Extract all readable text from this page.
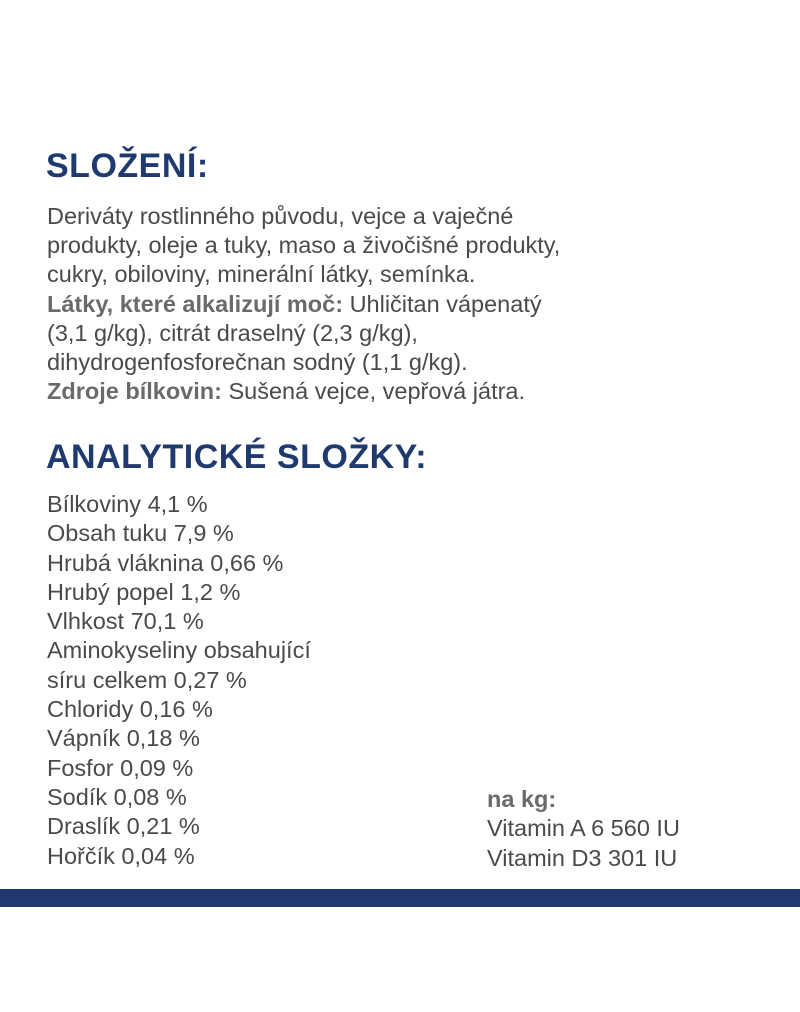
SLOŽENÍ:
Deriváty rostlinného původu, vejce a vaječné
produkty, oleje a tuky, maso a živočišné produkty,
cukry, obiloviny, minerální látky, semínka.
Látky, které alkalizují moč: Uhličitan vápenatý
(3,1 g/kg), citrát draselný (2,3 g/kg),
dihydrogenfosforečnan sodný (1,1 g/kg).
Zdroje bílkovin: Sušená vejce, vepřová játra.
ANALYTICKÉ SLOŽKY:
Bílkoviny 4,1 %
Obsah tuku 7,9 %
Hrubá vláknina 0,66 %
Hrubý popel 1,2 %
Vlhkost 70,1 %
Aminokyseliny obsahující
síru celkem 0,27 %
Chloridy 0,16 %
Vápník 0,18 %
Fosfor 0,09 %
Sodík 0,08 %
Draslík 0,21 %
Hořčík 0,04 %
na kg:
Vitamin A 6 560 IU
Vitamin D3 301 IU
